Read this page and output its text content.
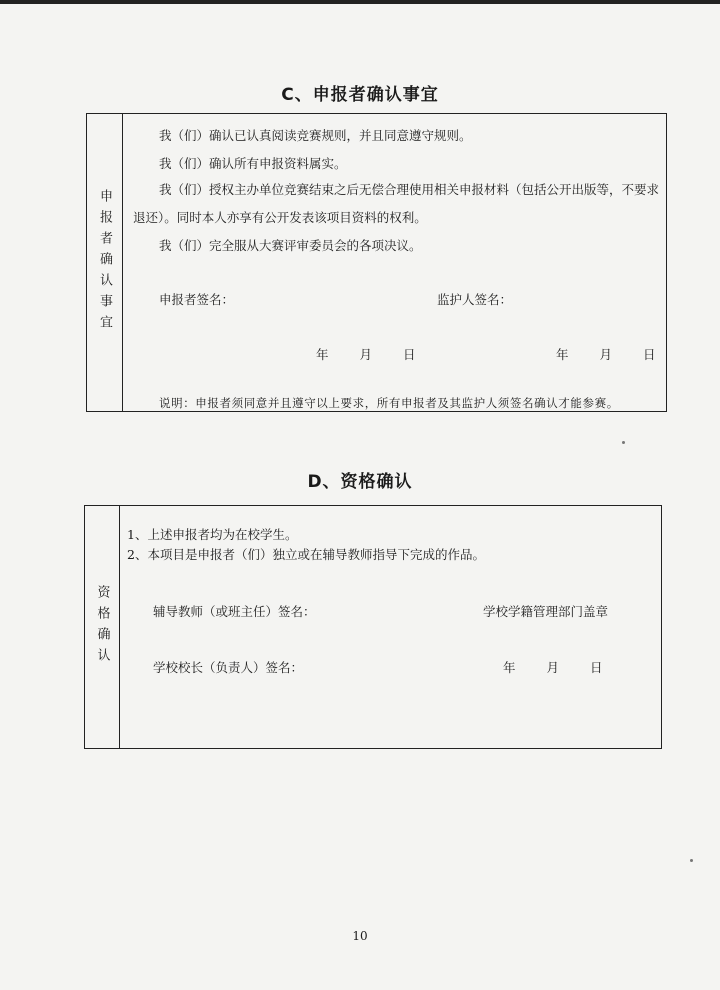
C、申报者确认事宜
申报者确认事宜
我（们）确认已认真阅读竞赛规则，并且同意遵守规则。
我（们）确认所有申报资料属实。
我（们）授权主办单位竞赛结束之后无偿合理使用相关申报材料（包括公开出版等，不要求退还）。同时本人亦享有公开发表该项目资料的权利。
我（们）完全服从大赛评审委员会的各项决议。
申报者签名：	监护人签名：
年　　月　　日	年　　月　　日
说明：申报者须同意并且遵守以上要求，所有申报者及其监护人须签名确认才能参赛。
D、资格确认
资格确认
1、上述申报者均为在校学生。
2、本项目是申报者（们）独立或在辅导教师指导下完成的作品。
辅导教师（或班主任）签名：	学校学籍管理部门盖章
学校校长（负责人）签名：	年　　月　　日
10
